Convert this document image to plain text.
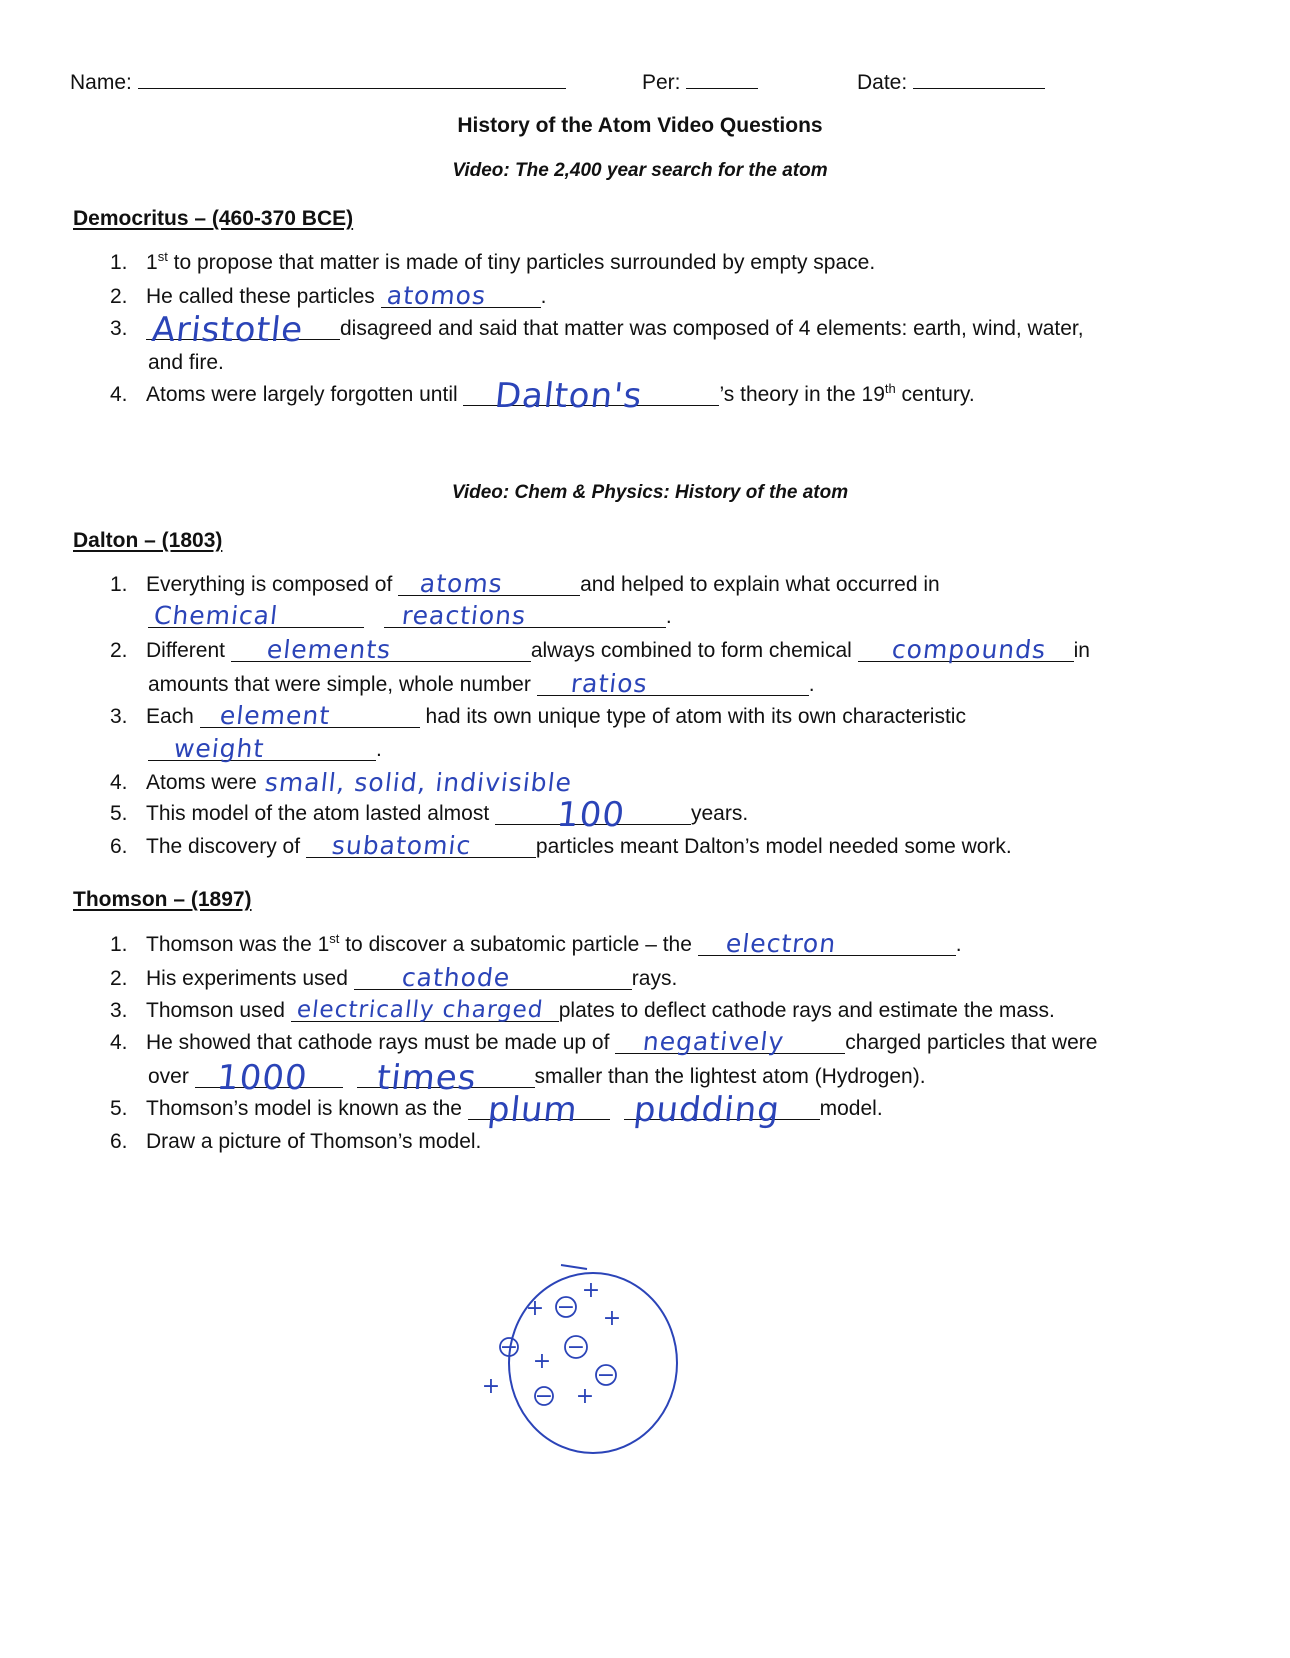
Name:	Per:	Date:
History of the Atom Video Questions
Video: The 2,400 year search for the atom
Democritus – (460-370 BCE)
1. 1st to propose that matter is made of tiny particles surrounded by empty space.
2. He called these particles atomos	.
3. Aristotle disagreed and said that matter was composed of 4 elements: earth, wind, water,
and fire.
4. Atoms were largely forgotten until Dalton's	’s theory in the 19th century.
Video: Chem & Physics: History of the atom
Dalton – (1803)
1. Everything is composed of atoms	and helped to explain what occurred in
Chemical
	reactions	.
2. Different elements	always combined to form chemical compounds in
amounts that were simple, whole number ratios	.
3. Each element	had its own unique type of atom with its own characteristic
weight	.
4. Atoms were small, solid, indivisible
5. This model of the atom lasted almost 100	years.
6. The discovery of subatomic	particles meant Dalton’s model needed some work.
Thomson – (1897)
1. Thomson was the 1st to discover a subatomic particle – the electron	.
2. His experiments used cathode	rays.
3. Thomson used electrically charged plates to deflect cathode rays and estimate the mass.
4. He showed that cathode rays must be made up of negatively	charged particles that were
over 1000
times	smaller than the lightest atom (Hydrogen).
5. Thomson’s model is known as the plum
pudding model.
6. Draw a picture of Thomson’s model.
−
− −
−
−
+
+
+
+
+	+
